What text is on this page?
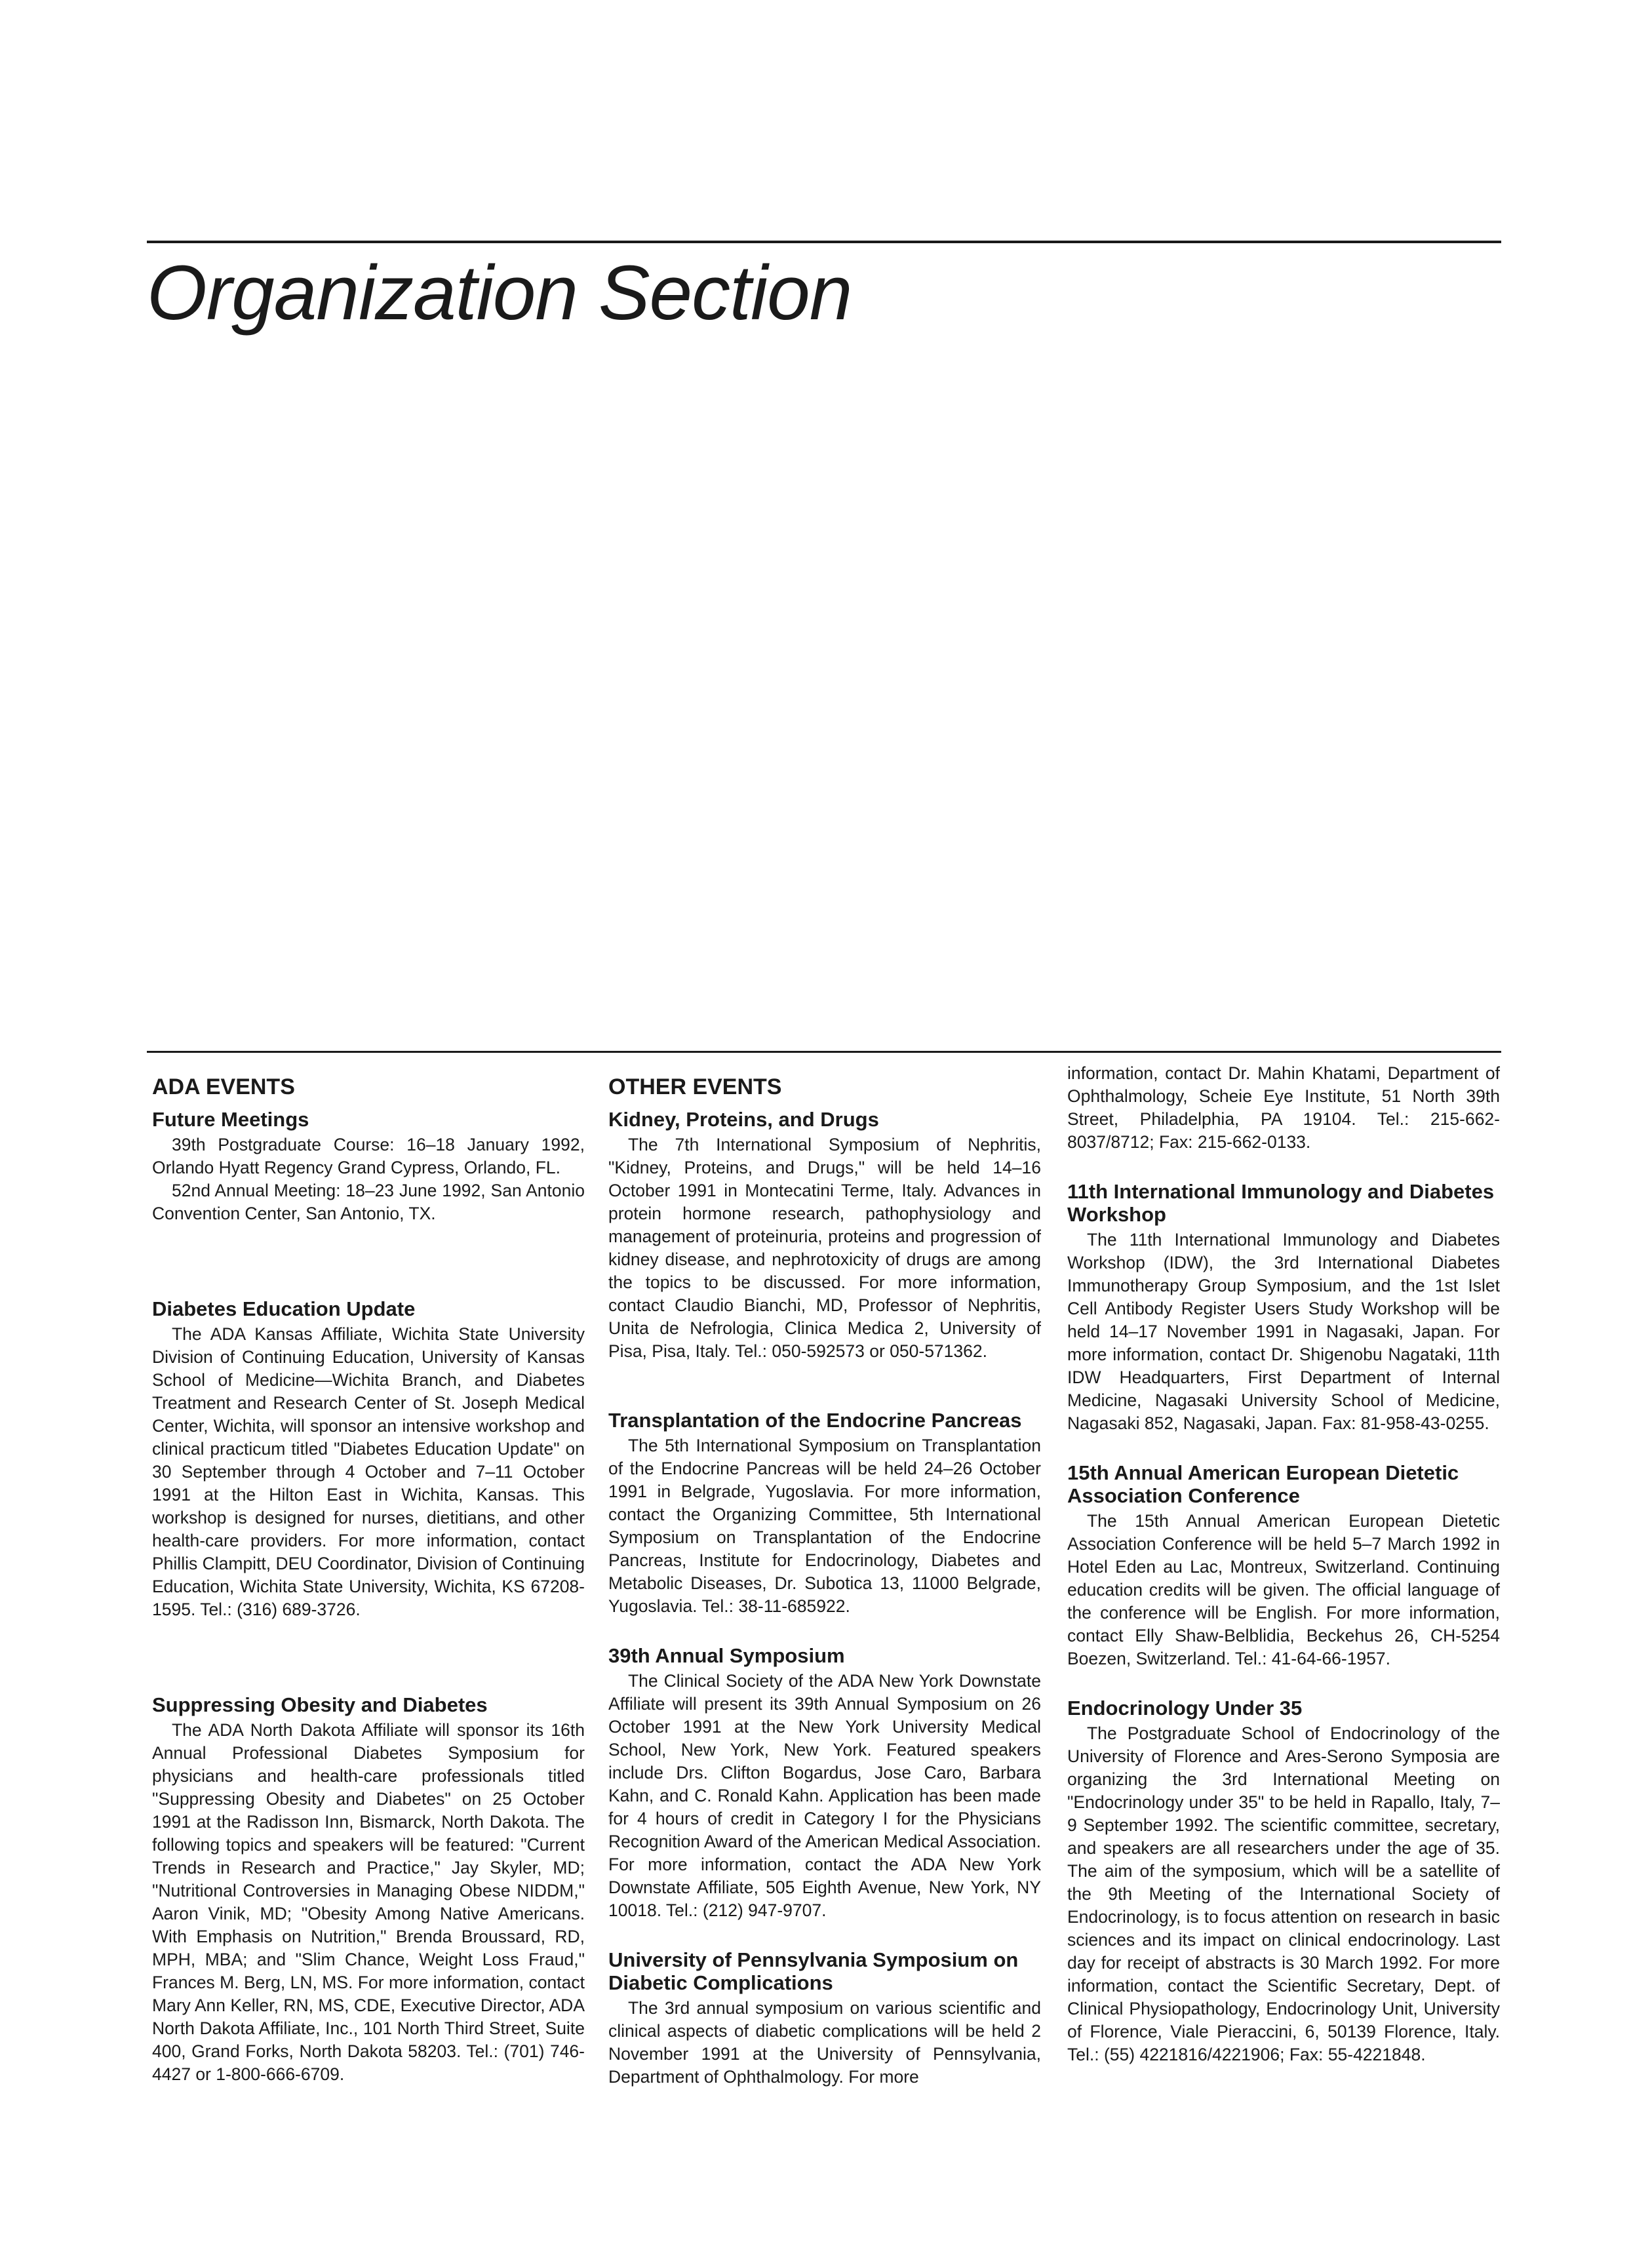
Organization Section
ADA EVENTS
Future Meetings

39th Postgraduate Course: 16–18 January 1992, Orlando Hyatt Regency Grand Cypress, Orlando, FL.

52nd Annual Meeting: 18–23 June 1992, San Antonio Convention Center, San Antonio, TX.

Diabetes Education Update

The ADA Kansas Affiliate, Wichita State University Division of Continuing Education, University of Kansas School of Medicine—Wichita Branch, and Diabetes Treatment and Research Center of St. Joseph Medical Center, Wichita, will sponsor an intensive workshop and clinical practicum titled "Diabetes Education Update" on 30 September through 4 October and 7–11 October 1991 at the Hilton East in Wichita, Kansas. This workshop is designed for nurses, dietitians, and other health-care providers. For more information, contact Phillis Clampitt, DEU Coordinator, Division of Continuing Education, Wichita State University, Wichita, KS 67208-1595. Tel.: (316) 689-3726.

Suppressing Obesity and Diabetes

The ADA North Dakota Affiliate will sponsor its 16th Annual Professional Diabetes Symposium for physicians and health-care professionals titled "Suppressing Obesity and Diabetes" on 25 October 1991 at the Radisson Inn, Bismarck, North Dakota. The following topics and speakers will be featured: "Current Trends in Research and Practice," Jay Skyler, MD; "Nutritional Controversies in Managing Obese NIDDM," Aaron Vinik, MD; "Obesity Among Native Americans. With Emphasis on Nutrition," Brenda Broussard, RD, MPH, MBA; and "Slim Chance, Weight Loss Fraud," Frances M. Berg, LN, MS. For more information, contact Mary Ann Keller, RN, MS, CDE, Executive Director, ADA North Dakota Affiliate, Inc., 101 North Third Street, Suite 400, Grand Forks, North Dakota 58203. Tel.: (701) 746-4427 or 1-800-666-6709.

OTHER EVENTS
Kidney, Proteins, and Drugs

The 7th International Symposium of Nephritis, "Kidney, Proteins, and Drugs," will be held 14–16 October 1991 in Montecatini Terme, Italy. Advances in protein hormone research, pathophysiology and management of proteinuria, proteins and progression of kidney disease, and nephrotoxicity of drugs are among the topics to be discussed. For more information, contact Claudio Bianchi, MD, Professor of Nephritis, Unita de Nefrologia, Clinica Medica 2, University of Pisa, Pisa, Italy. Tel.: 050-592573 or 050-571362.

Transplantation of the Endocrine Pancreas

The 5th International Symposium on Transplantation of the Endocrine Pancreas will be held 24–26 October 1991 in Belgrade, Yugoslavia. For more information, contact the Organizing Committee, 5th International Symposium on Transplantation of the Endocrine Pancreas, Institute for Endocrinology, Diabetes and Metabolic Diseases, Dr. Subotica 13, 11000 Belgrade, Yugoslavia. Tel.: 38-11-685922.

39th Annual Symposium

The Clinical Society of the ADA New York Downstate Affiliate will present its 39th Annual Symposium on 26 October 1991 at the New York University Medical School, New York, New York. Featured speakers include Drs. Clifton Bogardus, Jose Caro, Barbara Kahn, and C. Ronald Kahn. Application has been made for 4 hours of credit in Category I for the Physicians Recognition Award of the American Medical Association. For more information, contact the ADA New York Downstate Affiliate, 505 Eighth Avenue, New York, NY 10018. Tel.: (212) 947-9707.

University of Pennsylvania Symposium on Diabetic Complications

The 3rd annual symposium on various scientific and clinical aspects of diabetic complications will be held 2 November 1991 at the University of Pennsylvania, Department of Ophthalmology. For more

information, contact Dr. Mahin Khatami, Department of Ophthalmology, Scheie Eye Institute, 51 North 39th Street, Philadelphia, PA 19104. Tel.: 215-662-8037/8712; Fax: 215-662-0133.

11th International Immunology and Diabetes Workshop

The 11th International Immunology and Diabetes Workshop (IDW), the 3rd International Diabetes Immunotherapy Group Symposium, and the 1st Islet Cell Antibody Register Users Study Workshop will be held 14–17 November 1991 in Nagasaki, Japan. For more information, contact Dr. Shigenobu Nagataki, 11th IDW Headquarters, First Department of Internal Medicine, Nagasaki University School of Medicine, Nagasaki 852, Nagasaki, Japan. Fax: 81-958-43-0255.

15th Annual American European Dietetic Association Conference

The 15th Annual American European Dietetic Association Conference will be held 5–7 March 1992 in Hotel Eden au Lac, Montreux, Switzerland. Continuing education credits will be given. The official language of the conference will be English. For more information, contact Elly Shaw-Belblidia, Beckehus 26, CH-5254 Boezen, Switzerland. Tel.: 41-64-66-1957.

Endocrinology Under 35

The Postgraduate School of Endocrinology of the University of Florence and Ares-Serono Symposia are organizing the 3rd International Meeting on "Endocrinology under 35" to be held in Rapallo, Italy, 7–9 September 1992. The scientific committee, secretary, and speakers are all researchers under the age of 35. The aim of the symposium, which will be a satellite of the 9th Meeting of the International Society of Endocrinology, is to focus attention on research in basic sciences and its impact on clinical endocrinology. Last day for receipt of abstracts is 30 March 1992. For more information, contact the Scientific Secretary, Dept. of Clinical Physiopathology, Endocrinology Unit, University of Florence, Viale Pieraccini, 6, 50139 Florence, Italy. Tel.: (55) 4221816/4221906; Fax: 55-4221848.
